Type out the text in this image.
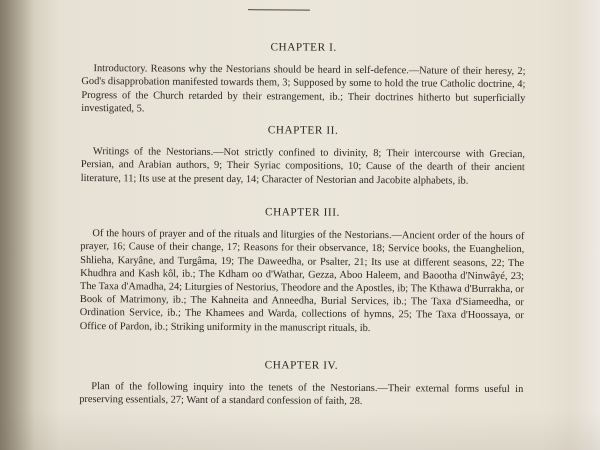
CHAPTER I.

Introductory. Reasons why the Nestorians should be heard in self-defence.—Nature of their heresy, 2; God's disapprobation manifested towards them, 3; Supposed by some to hold the true Catholic doctrine, 4; Progress of the Church retarded by their estrangement, ib.; Their doctrines hitherto but superficially investigated, 5.

CHAPTER II.

Writings of the Nestorians.—Not strictly confined to divinity, 8; Their intercourse with Grecian, Persian, and Arabian authors, 9; Their Syriac compositions, 10; Cause of the dearth of their ancient literature, 11; Its use at the present day, 14; Character of Nestorian and Jacobite alphabets, ib.

CHAPTER III.

Of the hours of prayer and of the rituals and liturgies of the Nestorians.—Ancient order of the hours of prayer, 16; Cause of their change, 17; Reasons for their observance, 18; Service books, the Euanghelion, Shlieha, Karyâne, and Turgâma, 19; The Daweedha, or Psalter, 21; Its use at different seasons, 22; The Khudhra and Kash kôl, ib.; The Kdham oo d'Wathar, Gezza, Aboo Haleem, and Baootha d'Ninwâyé, 23; The Taxa d'Amadha, 24; Liturgies of Nestorius, Theodore and the Apostles, ib; The Kthawa d'Burrakha, or Book of Matrimony, ib.; The Kahneita and Anneedha, Burial Services, ib.; The Taxa d'Siameedha, or Ordination Service, ib.; The Khamees and Warda, collections of hymns, 25; The Taxa d'Hoossaya, or Office of Pardon, ib.; Striking uniformity in the manuscript rituals, ib.

CHAPTER IV.

Plan of the following inquiry into the tenets of the Nestorians.—Their external forms useful in preserving essentials, 27; Want of a standard confession of faith, 28.
